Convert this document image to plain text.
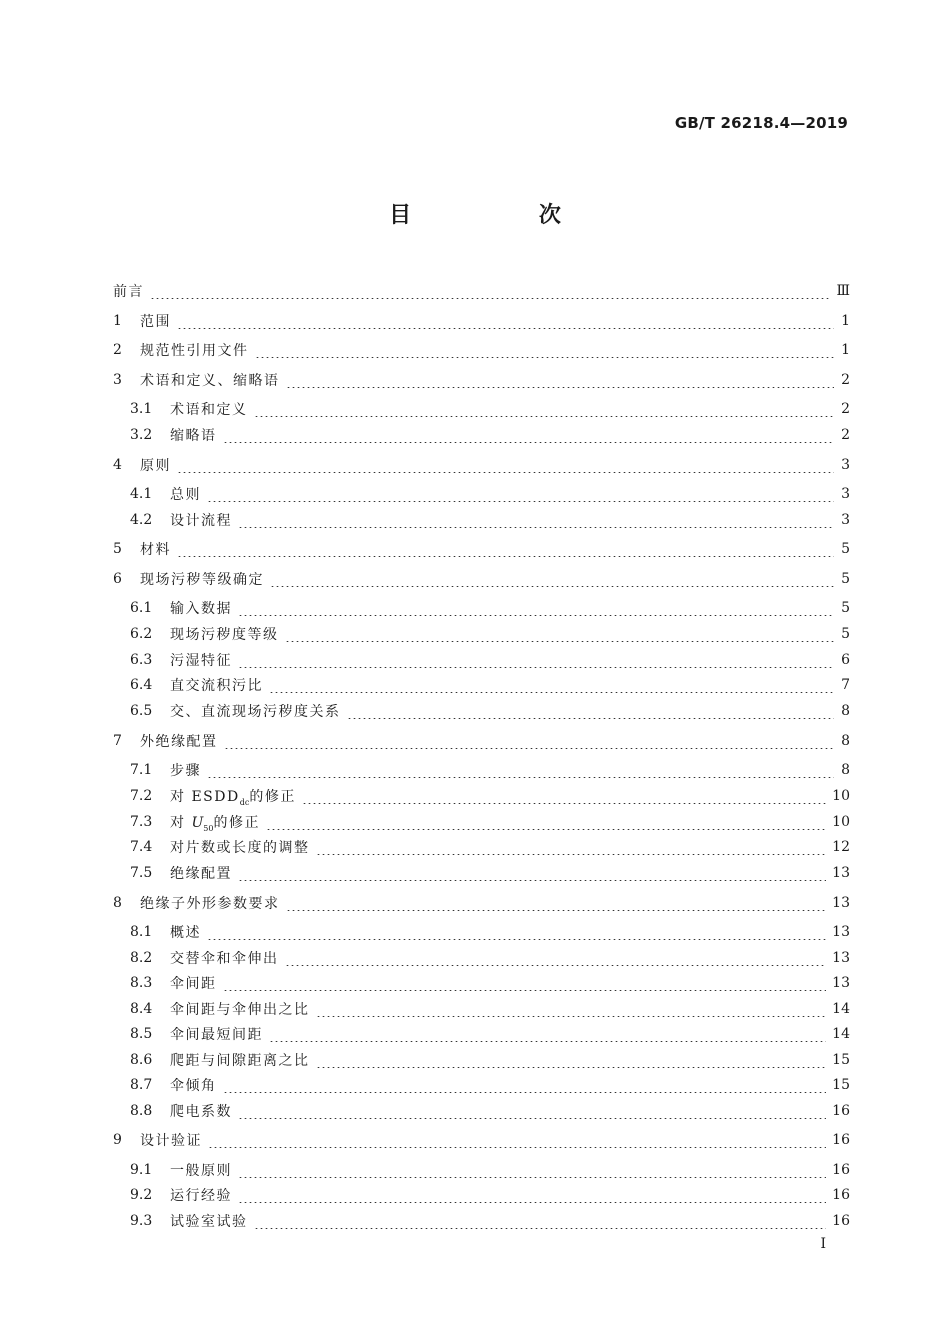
GB/T 26218.4—2019
目 次
前言	Ⅲ
1	范围	1
2	规范性引用文件	1
3	术语和定义、缩略语	2
3.1	术语和定义	2
3.2	缩略语	2
4	原则	3
4.1	总则	3
4.2	设计流程	3
5	材料	5
6	现场污秽等级确定	5
6.1	输入数据	5
6.2	现场污秽度等级	5
6.3	污湿特征	6
6.4	直交流积污比	7
6.5	交、直流现场污秽度关系	8
7	外绝缘配置	8
7.1	步骤	8
7.2	对 $ESDD_{dc}$的修正	10
7.3	对 $U_{50}$的修正	10
7.4	对片数或长度的调整	12
7.5	绝缘配置	13
8	绝缘子外形参数要求	13
8.1	概述	13
8.2	交替伞和伞伸出	13
8.3	伞间距	13
8.4	伞间距与伞伸出之比	14
8.5	伞间最短间距	14
8.6	爬距与间隙距离之比	15
8.7	伞倾角	15
8.8	爬电系数	16
9	设计验证	16
9.1	一般原则	16
9.2	运行经验	16
9.3	试验室试验	16
I
